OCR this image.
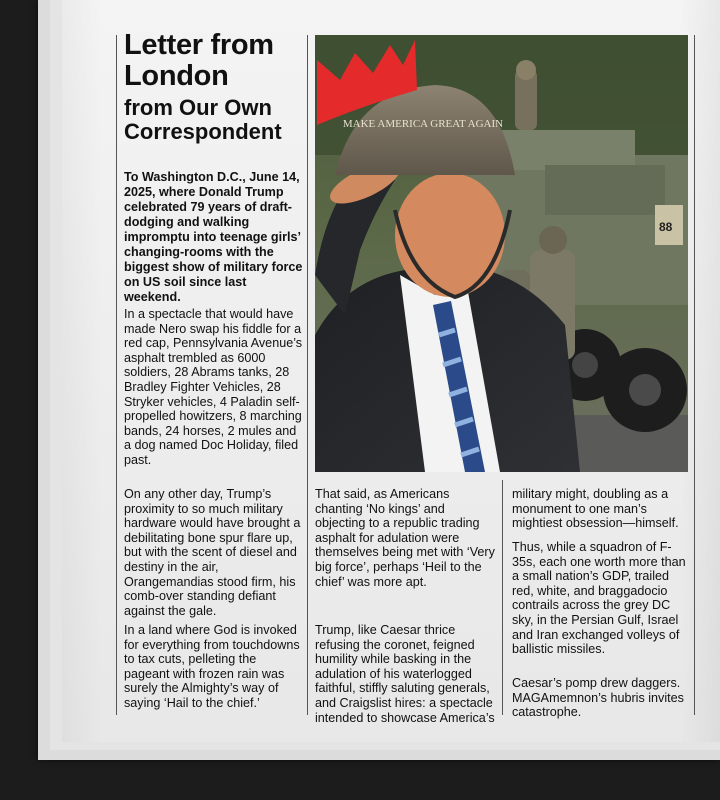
Letter from London
from Our Own Correspondent

To Washington D.C., June 14, 2025, where Donald Trump celebrated 79 years of draft-dodging and walking impromptu into teenage girls’ changing-rooms with the biggest show of military force on US soil since last weekend.

In a spectacle that would have made Nero swap his fiddle for a red cap, Pennsylvania Avenue’s asphalt trembled as 6000 soldiers, 28 Abrams tanks, 28 Bradley Fighter Vehicles, 28 Stryker vehicles, 4 Paladin self-propelled howitzers, 8 marching bands, 24 horses, 2 mules and a dog named Doc Holiday, filed past.

On any other day, Trump’s proximity to so much military hardware would have brought a debilitating bone spur flare up, but with the scent of diesel and destiny in the air, Orangemandias stood firm, his comb-over standing defiant against the gale.

In a land where God is invoked for everything from touchdowns to tax cuts, pelleting the pageant with frozen rain was surely the Almighty’s way of saying ‘Hail to the chief.’

That said, as Americans chanting ‘No kings’ and objecting to a republic trading asphalt for adulation were themselves being met with ‘Very big force’, perhaps ‘Heil to the chief’ was more apt.

Trump, like Caesar thrice refusing the coronet, feigned humility while basking in the adulation of his waterlogged faithful, stiffly saluting generals, and Craigslist hires: a spectacle intended to showcase America’s

military might, doubling as a monument to one man’s mightiest obsession—himself.

Thus, while a squadron of F-35s, each one worth more than a small nation’s GDP, trailed red, white, and braggadocio contrails across the grey DC sky, in the Persian Gulf, Israel and Iran exchanged volleys of ballistic missiles.

Caesar’s pomp drew daggers. MAGAmemnon’s hubris invites catastrophe.

88
MAKE AMERICA GREAT AGAIN
